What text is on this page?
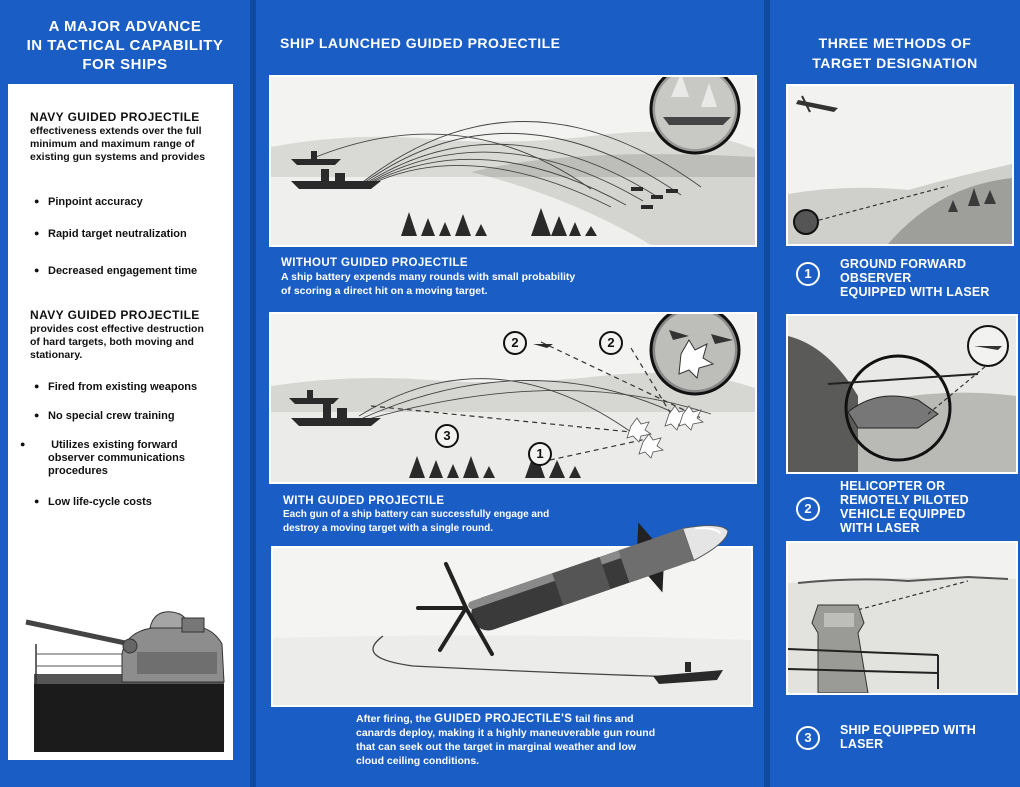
A MAJOR ADVANCE
IN TACTICAL CAPABILITY
FOR SHIPS
NAVY GUIDED PROJECTILE
effectiveness extends over the full
minimum and maximum range of
existing gun systems and provides
● Pinpoint accuracy
● Rapid target neutralization
● Decreased engagement time
NAVY GUIDED PROJECTILE
provides cost effective destruction
of hard targets, both moving and
stationary.
● Fired from existing weapons
● No special crew training
● Utilizes existing forward
observer communications
procedures
● Low life-cycle costs
SHIP LAUNCHED GUIDED PROJECTILE
WITHOUT GUIDED PROJECTILE
A ship battery expends many rounds with small probability
of scoring a direct hit on a moving target.
1
2	2
3
WITH GUIDED PROJECTILE
Each gun of a ship battery can successfully engage and
destroy a moving target with a single round.
After firing, the GUIDED PROJECTILE'S tail fins and
canards deploy, making it a highly maneuverable gun round
that can seek out the target in marginal weather and low
cloud ceiling conditions.
THREE METHODS OF
TARGET DESIGNATION
1
GROUND FORWARD
OBSERVER
EQUIPPED WITH LASER
2
HELICOPTER OR
REMOTELY PILOTED
VEHICLE EQUIPPED
WITH LASER
3	SHIP EQUIPPED WITH
LASER
